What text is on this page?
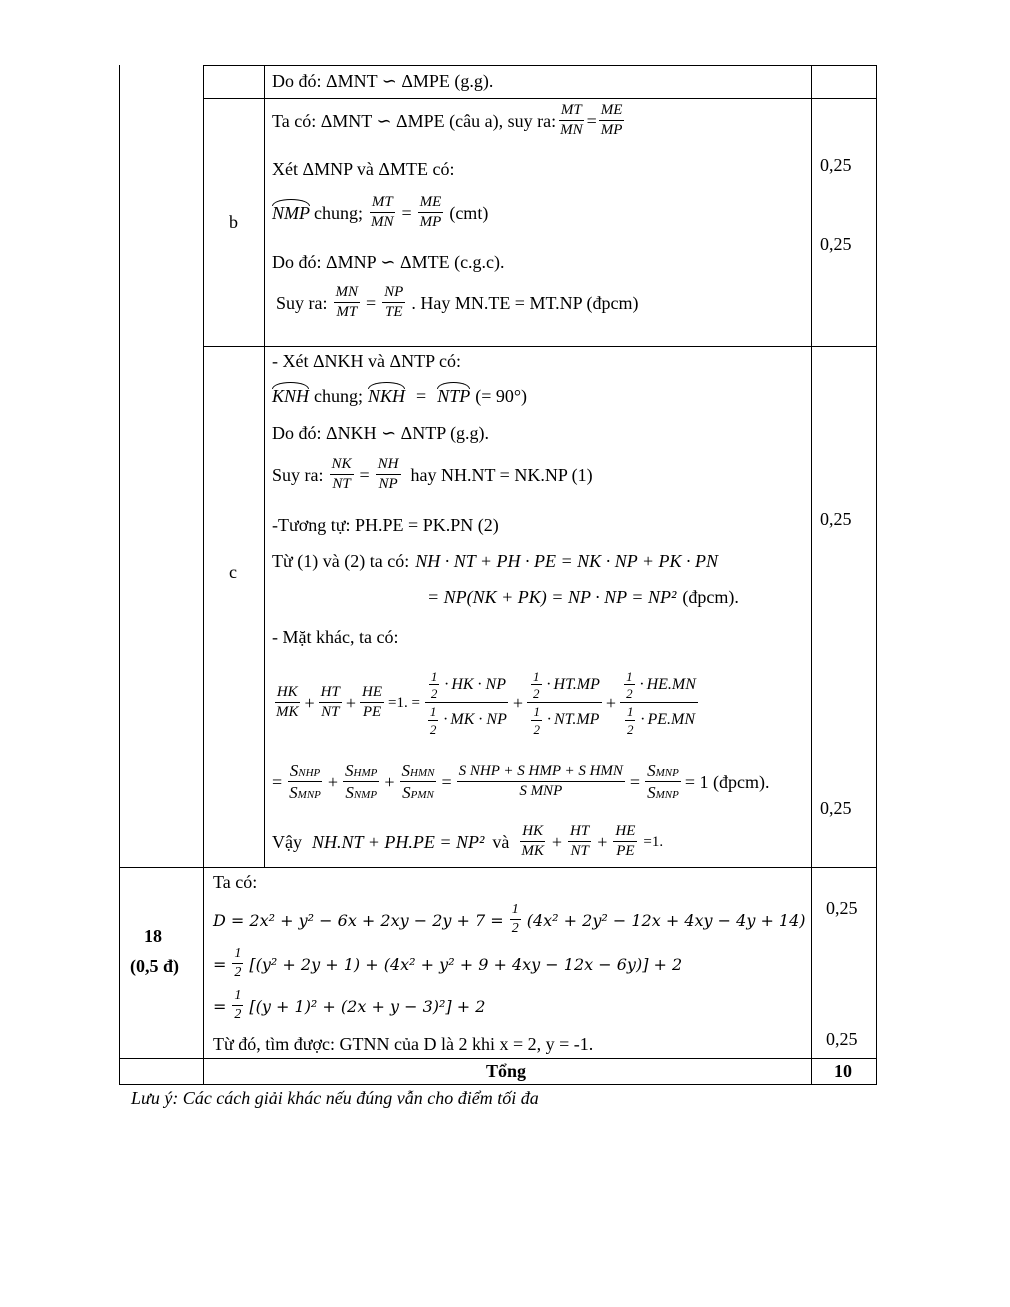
Do đó: ΔMNT ∽ ΔMPE (g.g).
b
Ta có: ΔMNT ∽ ΔMPE (câu a), suy ra: $\frac{MT}{MN} = \frac{ME}{MP}$
Xét ΔMNP và ΔMTE có:
NMP chung; $\frac{MT}{MN} = \frac{ME}{MP} (cmt)$
Do đó: ΔMNP ∽ ΔMTE (c.g.c).
Suy ra: $\frac{MN}{MT} = \frac{NP}{TE}$ . Hay MN.TE = MT.NP (đpcm)
0,25
0,25
c
- Xét ΔNKH và ΔNTP có:
KNH chung; NKH = NTP (= 90°)
Do đó: ΔNKH ∽ ΔNTP (g.g).
Suy ra: $\frac{NK}{NT} = \frac{NH}{NP}$ hay NH.NT = NK.NP (1)
-Tương tự: PH.PE = PK.PN (2)
Từ (1) và (2) ta có: NH · NT + PH · PE = NK · NP + PK · PN
= NP(NK + PK) = NP · NP = NP² (đpcm).
- Mặt khác, ta có:
$\frac{HK}{MK} + \frac{HT}{NT} + \frac{HE}{PE} =1$. = $\frac{\frac{1}{2} \cdot HK \cdot NP}{\frac{1}{2} \cdot MK \cdot NP} + \frac{\frac{1}{2} \cdot HT.MP}{\frac{1}{2} \cdot NT.MP} + \frac{\frac{1}{2} \cdot HE.MN}{\frac{1}{2} \cdot PE.MN}$
= $\frac{\text{SNHP}}{\text{SMNP}} + \frac{\text{SHMP}}{\text{SNMP}} + \frac{\text{SHMN}}{\text{SPMN}} = \frac{\text{S NHP + S HMP + S HMN}}{\text{S MNP}} = \frac{\text{SMNP}}{\text{SMNP}} = 1$ (đpcm).
Vậy NH.NT + PH.PE = NP² và $\frac{HK}{MK} + \frac{HT}{NT} + \frac{HE}{PE} =1$.
0,25
0,25
18
(0,5 đ)
Ta có:
$D = 2x^2 + y^2 - 6x + 2xy - 2y + 7 = \frac{1}{2} (4x^2 + 2y^2 - 12x + 4xy - 4y + 14)$
= $\frac{1}{2} [(y^2 + 2y + 1) + (4x^2 + y^2 + 9 + 4xy - 12x - 6y)] + 2$
= $\frac{1}{2} [(y + 1)^2 + (2x + y - 3)^2] + 2$
Từ đó, tìm được: GTNN của D là 2 khi x = 2, y = -1.
0,25
0,25
Tổng	10
Lưu ý: Các cách giải khác nếu đúng vẫn cho điểm tối đa
